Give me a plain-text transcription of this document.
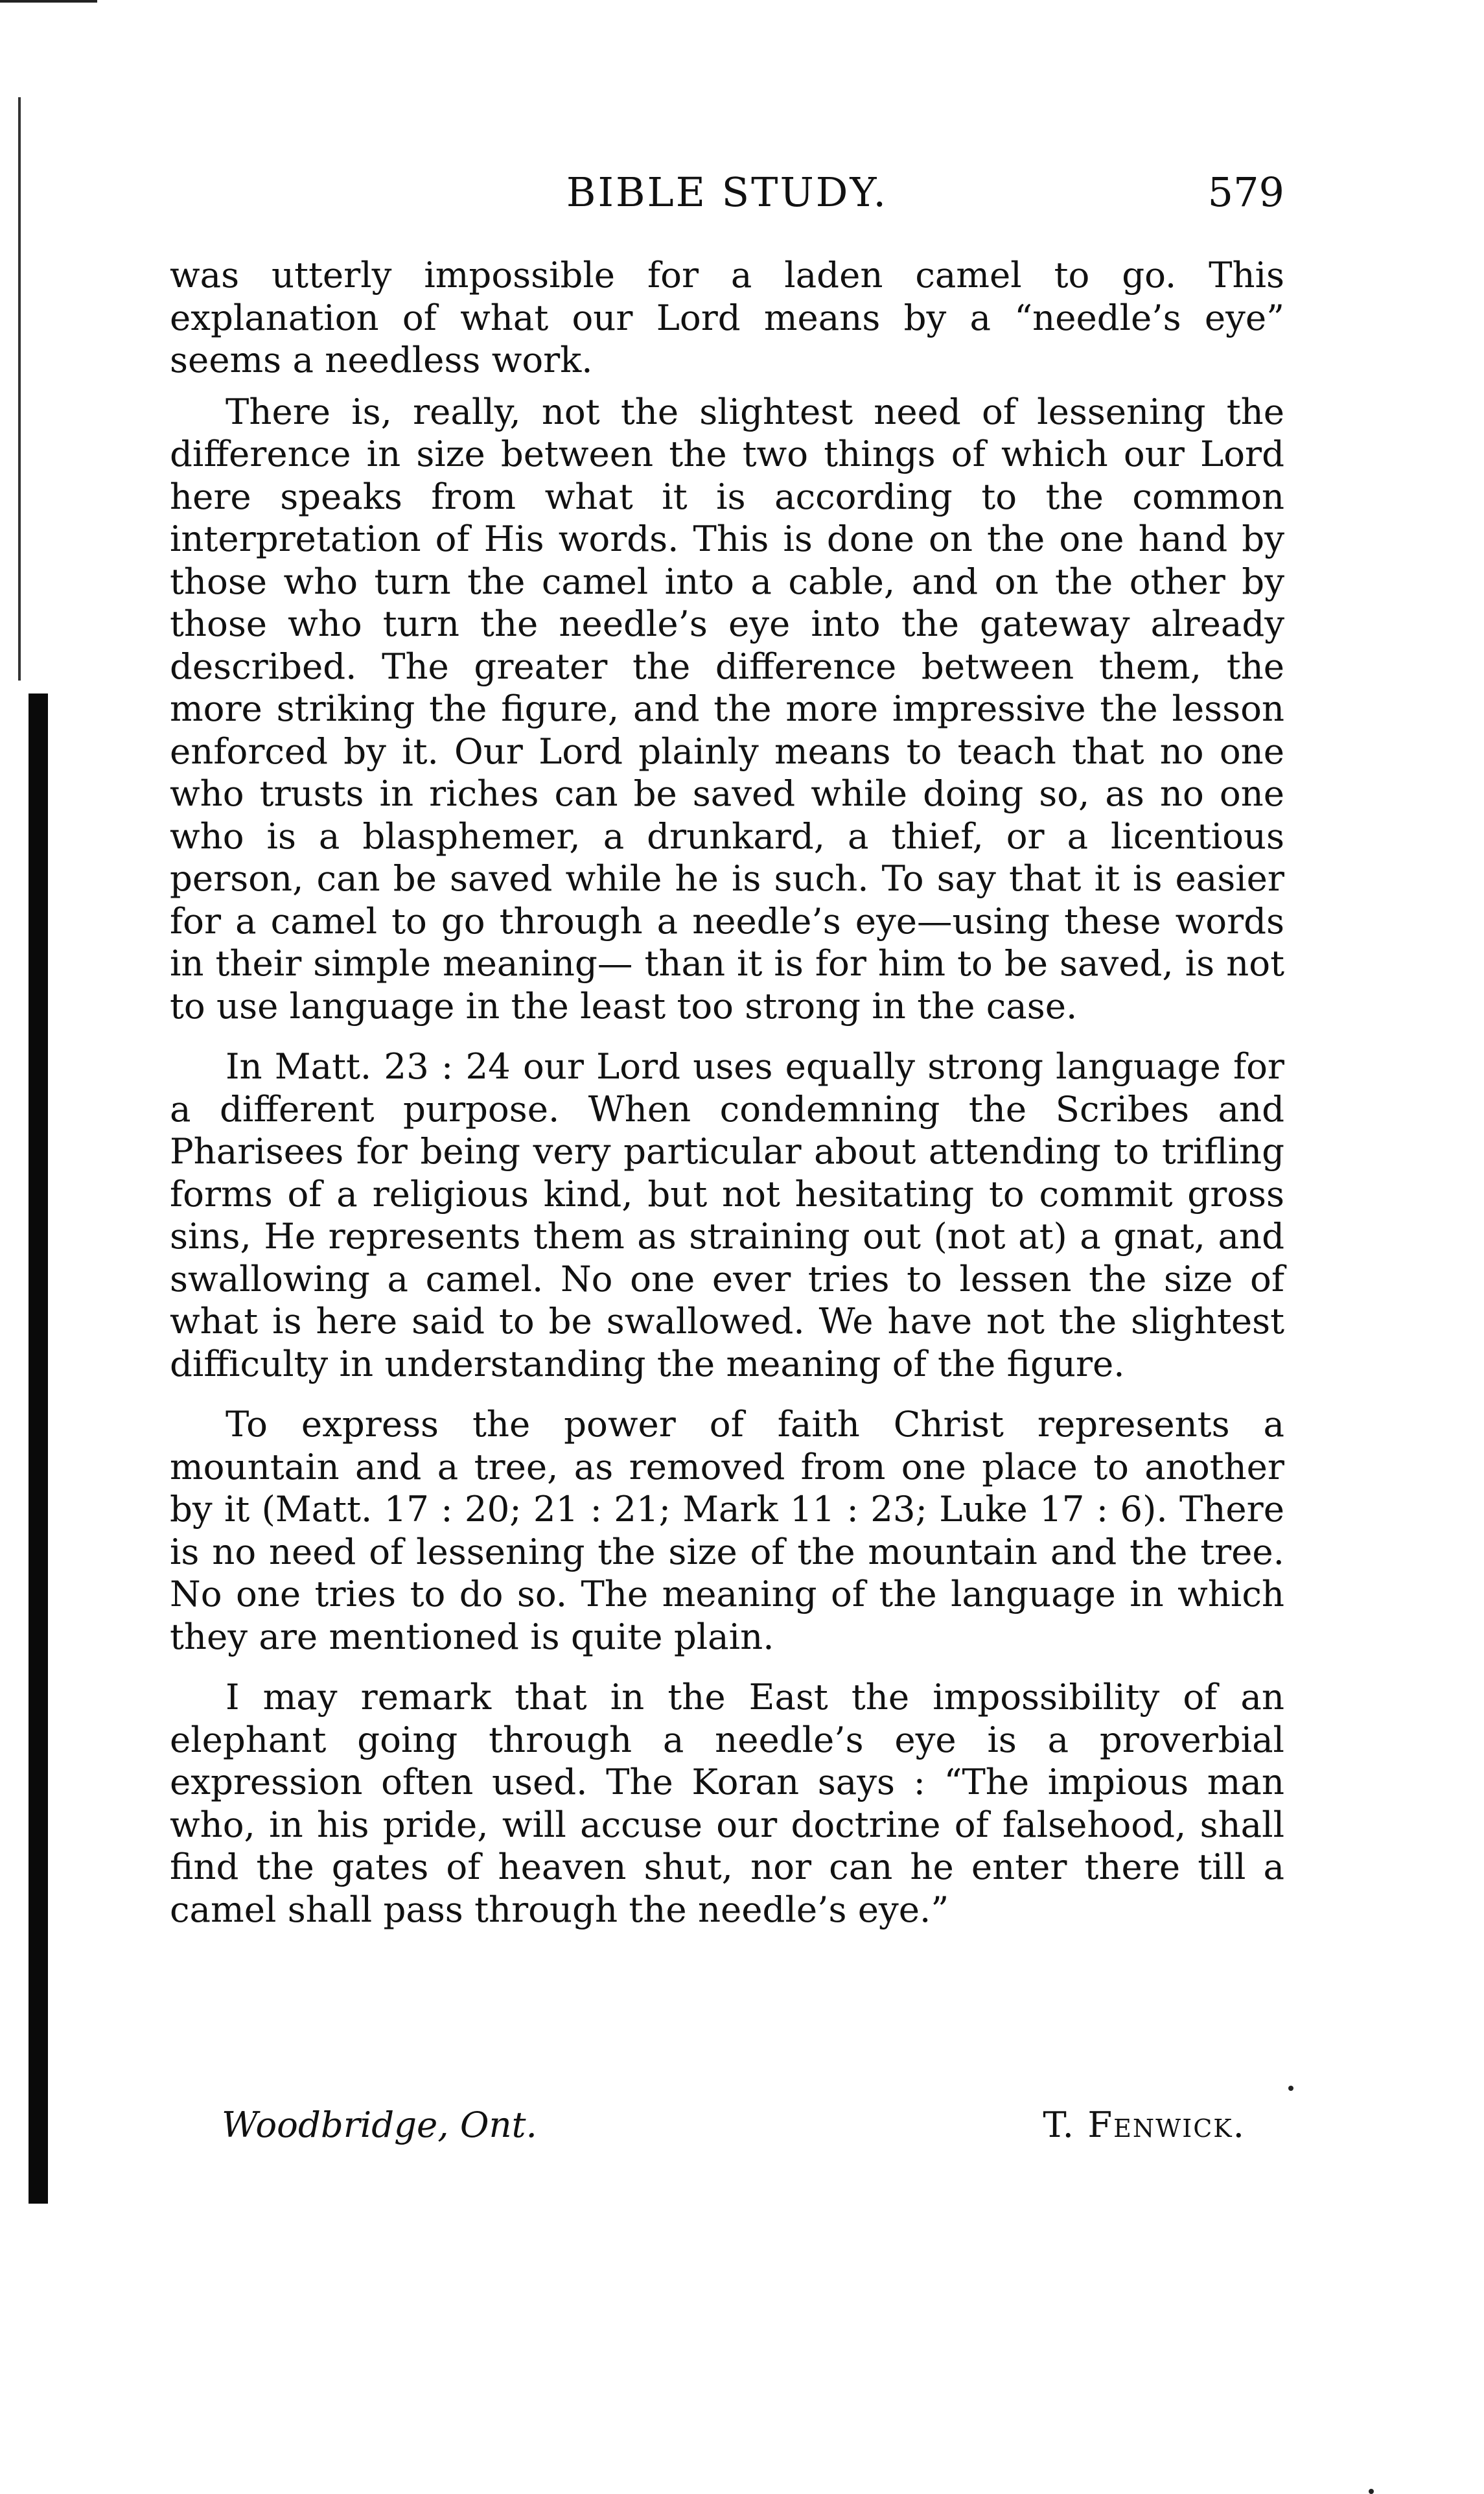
BIBLE STUDY.	579

was utterly impossible for a laden camel to go. This explanation of what our Lord means by a “needle’s eye” seems a needless work.

There is, really, not the slightest need of lessening the difference in size between the two things of which our Lord here speaks from what it is according to the common interpretation of His words. This is done on the one hand by those who turn the camel into a cable, and on the other by those who turn the needle’s eye into the gateway already described. The greater the difference between them, the more striking the figure, and the more impressive the lesson enforced by it. Our Lord plainly means to teach that no one who trusts in riches can be saved while doing so, as no one who is a blasphemer, a drunkard, a thief, or a licentious person, can be saved while he is such. To say that it is easier for a camel to go through a needle’s eye—using these words in their simple meaning— than it is for him to be saved, is not to use language in the least too strong in the case.

In Matt. 23 : 24 our Lord uses equally strong language for a different purpose. When condemning the Scribes and Pharisees for being very particular about attending to trifling forms of a religious kind, but not hesitating to commit gross sins, He represents them as straining out (not at) a gnat, and swallowing a camel. No one ever tries to lessen the size of what is here said to be swallowed. We have not the slightest difficulty in understanding the meaning of the figure.

To express the power of faith Christ represents a mountain and a tree, as removed from one place to another by it (Matt. 17 : 20; 21 : 21; Mark 11 : 23; Luke 17 : 6). There is no need of lessening the size of the mountain and the tree. No one tries to do so. The meaning of the language in which they are mentioned is quite plain.

I may remark that in the East the impossibility of an elephant going through a needle’s eye is a proverbial expression often used. The Koran says : “The impious man who, in his pride, will accuse our doctrine of falsehood, shall find the gates of heaven shut, nor can he enter there till a camel shall pass through the needle’s eye.”

Woodbridge, Ont.	T. Fenwick.
